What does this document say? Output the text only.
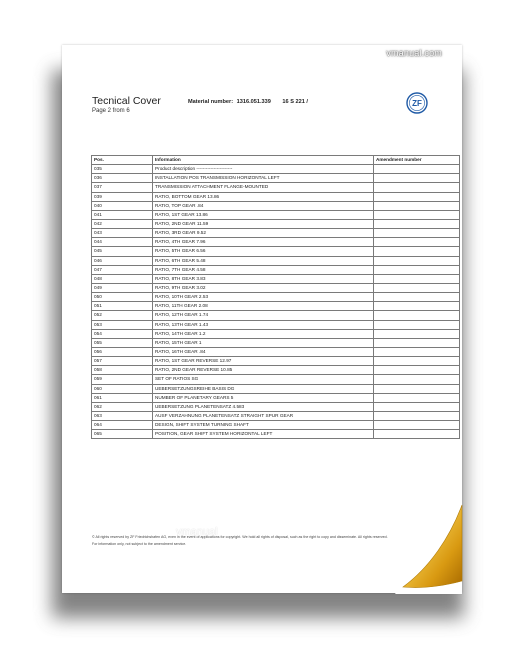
Tecnical Cover
Page 2 from 6
Material number: 1316.051.339 16 S 221 /	ZF
Pos.	Information	Amendment number
035	Product description -----------------------	
036	INSTALLATION POS TRANSMISSION HORIZONTAL LEFT	
037	TRANSMISSION ATTACHMENT FLANGE-MOUNTED	
039	RATIO, BOTTOM GEAR 13.86	
040	RATIO, TOP GEAR .84	
041	RATIO, 1ST GEAR 13.86	
042	RATIO, 2ND GEAR 11.59	
043	RATIO, 3RD GEAR 9.52	
044	RATIO, 4TH GEAR 7.96	
045	RATIO, 5TH GEAR 6.56	
046	RATIO, 6TH GEAR 5.48	
047	RATIO, 7TH GEAR 4.58	
048	RATIO, 8TH GEAR 3.83	
049	RATIO, 9TH GEAR 3.02	
050	RATIO, 10TH GEAR 2.53	
051	RATIO, 11TH GEAR 2.08	
052	RATIO, 12TH GEAR 1.74	
053	RATIO, 13TH GEAR 1.43	
054	RATIO, 14TH GEAR 1.2	
055	RATIO, 15TH GEAR 1	
056	RATIO, 16TH GEAR .84	
057	RATIO, 1ST GEAR REVERSE 12.97	
058	RATIO, 2ND GEAR REVERSE 10.85	
059	SET OF RATIOS SG	
060	UEBERSETZUNGSREIHE BASIS DG	
061	NUMBER OF PLANETARY GEARS 5	
062	UEBERSETZUNG PLANETENSATZ 4.583	
063	AUSF VERZAHNUNG PLANETENSATZ STRAIGHT SPUR GEAR	
064	DESIGN, SHIFT SYSTEM TURNING SHAFT	
065	POSITION, GEAR SHIFT SYSTEM HORIZONTAL LEFT	
© All rights reserved by ZF Friedrichshafen AG, even in the event of applications for copyright. We hold all rights of disposal, such as the right to copy and disseminate. All rights reserved.
For information only, not subject to the amendment service.
vmanual.com
vmanual
